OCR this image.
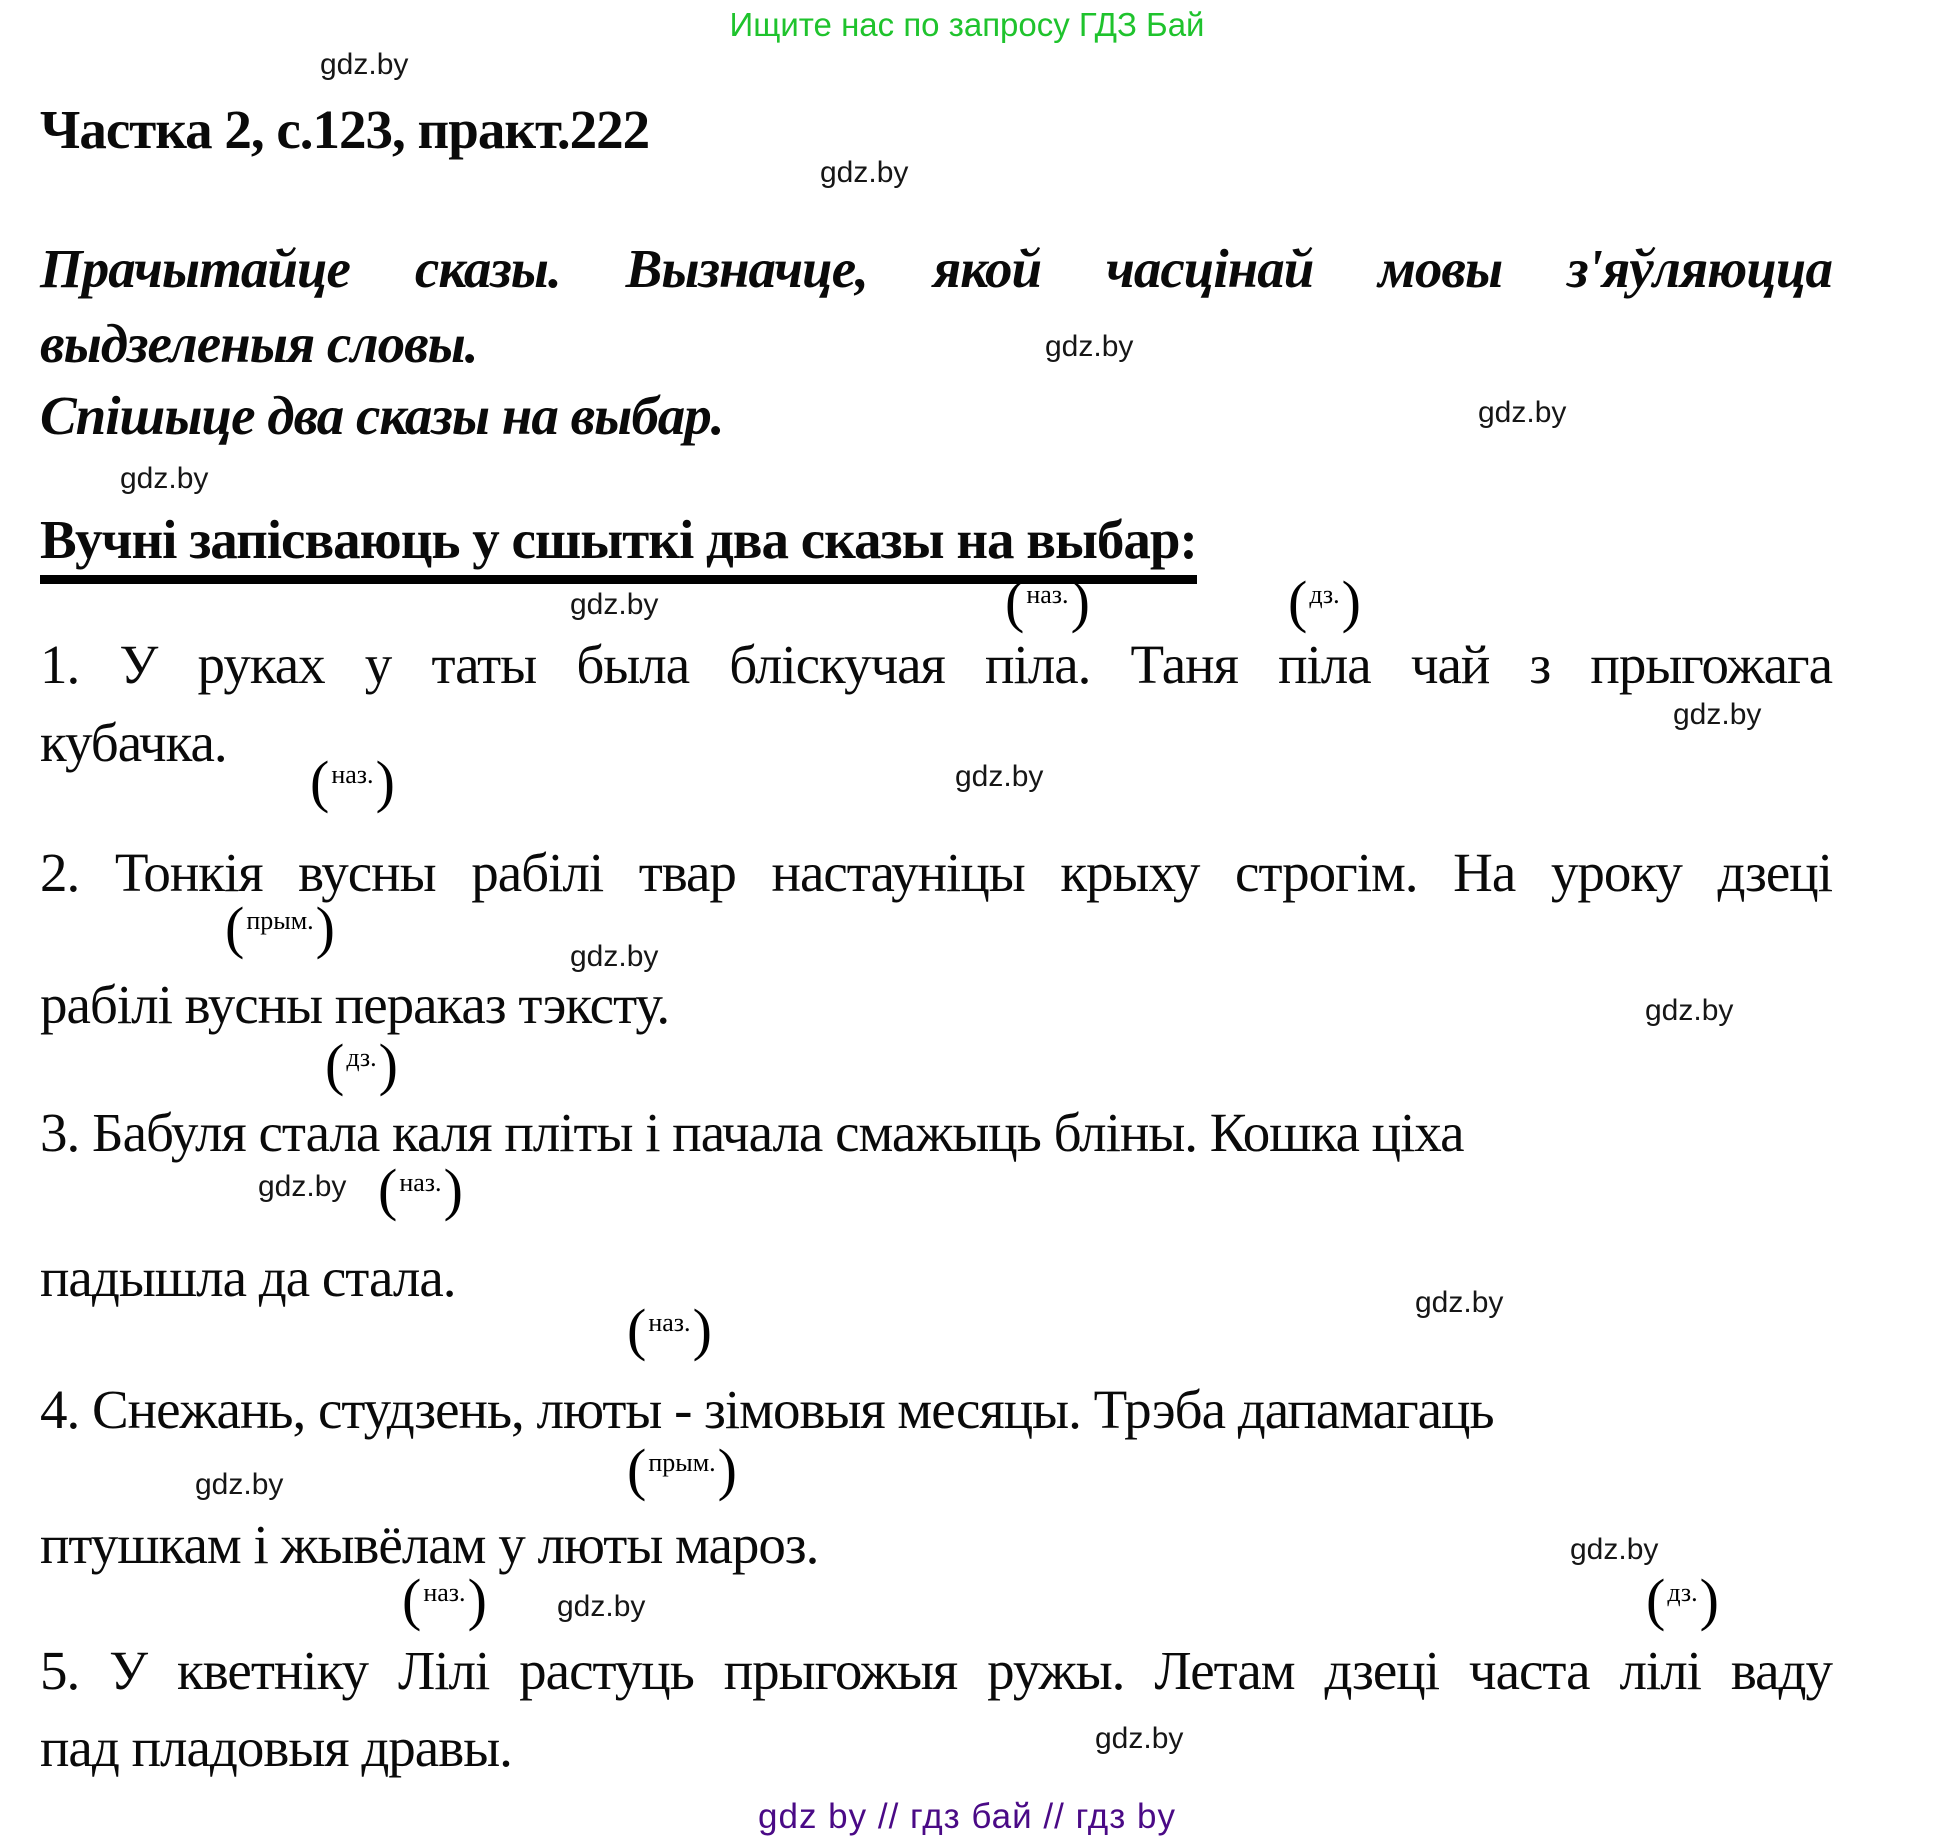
Ищите нас по запросу ГДЗ Бай
gdz.by
Частка 2, с.123, практ.222
gdz.by
Прачытайце сказы. Вызначце, якой часцінай мовы з'яўляюцца
выдзеленыя словы.	gdz.by
Спішыце два сказы на выбар.	gdz.by
gdz.by
Вучні запісваюць у сшыткі два сказы на выбар:
gdz.by	( наз. )	( дз. )
1. У руках у таты была бліскучая піла. Таня піла чай з прыгожага
gdz.by
кубачка.
( наз. )	gdz.by
2. Тонкія вусны рабілі твар настауніцы крыху строгім. На уроку дзеці
( прым. )	gdz.by
рабілі вусны пераказ тэксту.	gdz.by
( дз. )
3. Бабуля стала каля пліты і пачала смажыць бліны. Кошка ціха
gdz.by ( наз. )
падышла да стала.	gdz.by
( наз. )
4. Снежань, студзень, люты - зімовыя месяцы. Трэба дапамагаць
( прым. )
gdz.by
птушкам і жывёлам у люты мароз.	gdz.by
( наз. ) gdz.by	( дз. )
5. У кветніку Лілі растуць прыгожыя ружы. Летам дзеці часта лілі ваду
пад пладовыя дравы.	gdz.by
gdz by // гдз бай // гдз by
